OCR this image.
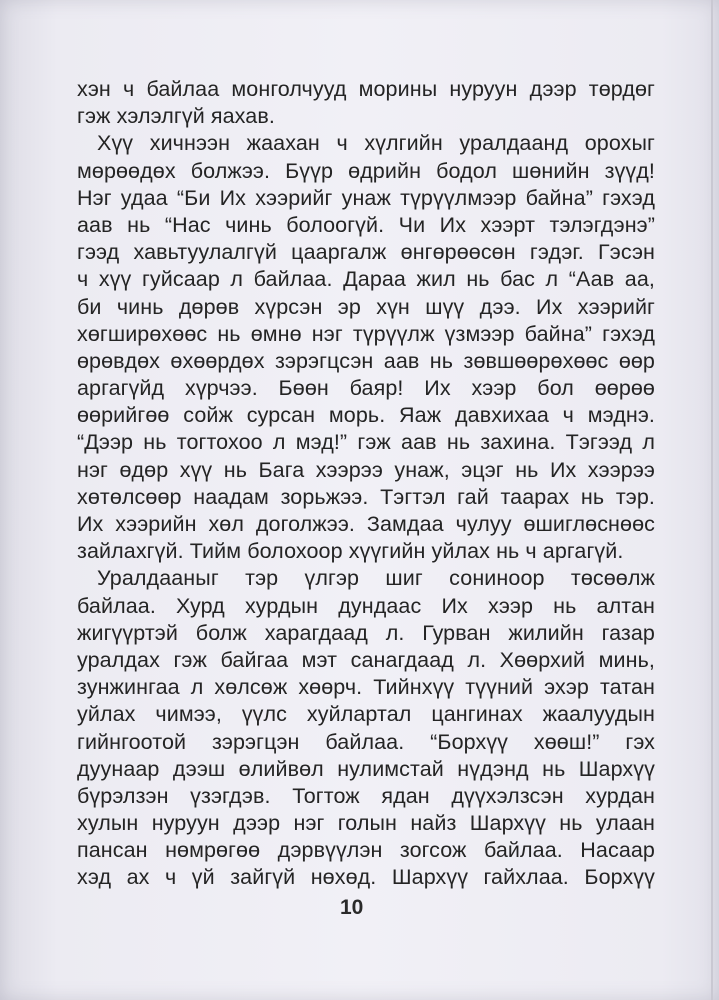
хэн ч байлаа монголчууд морины нуруун дээр төрдөг
гэж хэлэлгүй яахав.
Хүү хичнээн жаахан ч хүлгийн уралдаанд орохыг
мөрөөдөх болжээ. Бүүр өдрийн бодол шөнийн зүүд!
Нэг удаа “Би Их хээрийг унаж түрүүлмээр байна” гэхэд
аав нь “Нас чинь болоогүй. Чи Их хээрт тэлэгдэнэ”
гээд хавьтуулалгүй цааргалж өнгөрөөсөн гэдэг. Гэсэн
ч хүү гуйсаар л байлаа. Дараа жил нь бас л “Аав аа,
би чинь дөрөв хүрсэн эр хүн шүү дээ. Их хээрийг
хөгширөхөөс нь өмнө нэг түрүүлж үзмээр байна” гэхэд
өрөвдөх өхөөрдөх зэрэгцсэн аав нь зөвшөөрөхөөс өөр
аргагүйд хүрчээ. Бөөн баяр! Их хээр бол өөрөө
өөрийгөө сойж сурсан морь. Яаж давхихаа ч мэднэ.
“Дээр нь тогтохоо л мэд!” гэж аав нь захина. Тэгээд л
нэг өдөр хүү нь Бага хээрээ унаж, эцэг нь Их хээрээ
хөтөлсөөр наадам зорьжээ. Тэгтэл гай таарах нь тэр.
Их хээрийн хөл доголжээ. Замдаа чулуу өшиглөснөөс
зайлахгүй. Тийм болохоор хүүгийн уйлах нь ч аргагүй.
Уралдааныг тэр үлгэр шиг сониноор төсөөлж
байлаа. Хурд хурдын дундаас Их хээр нь алтан
жигүүртэй болж харагдаад л. Гурван жилийн газар
уралдах гэж байгаа мэт санагдаад л. Хөөрхий минь,
зунжингаа л хөлсөж хөөрч. Тийнхүү түүний эхэр татан
уйлах чимээ, үүлс хуйлартал цангинах жаалуудын
гийнгоотой зэрэгцэн байлаа. “Борхүү хөөш!” гэх
дуунаар дээш өлийвөл нулимстай нүдэнд нь Шархүү
бүрэлзэн үзэгдэв. Тогтож ядан дүүхэлзсэн хурдан
хулын нуруун дээр нэг голын найз Шархүү нь улаан
пансан нөмрөгөө дэрвүүлэн зогсож байлаа. Насаар
хэд ах ч үй зайгүй нөхөд. Шархүү гайхлаа. Борхүү
10
